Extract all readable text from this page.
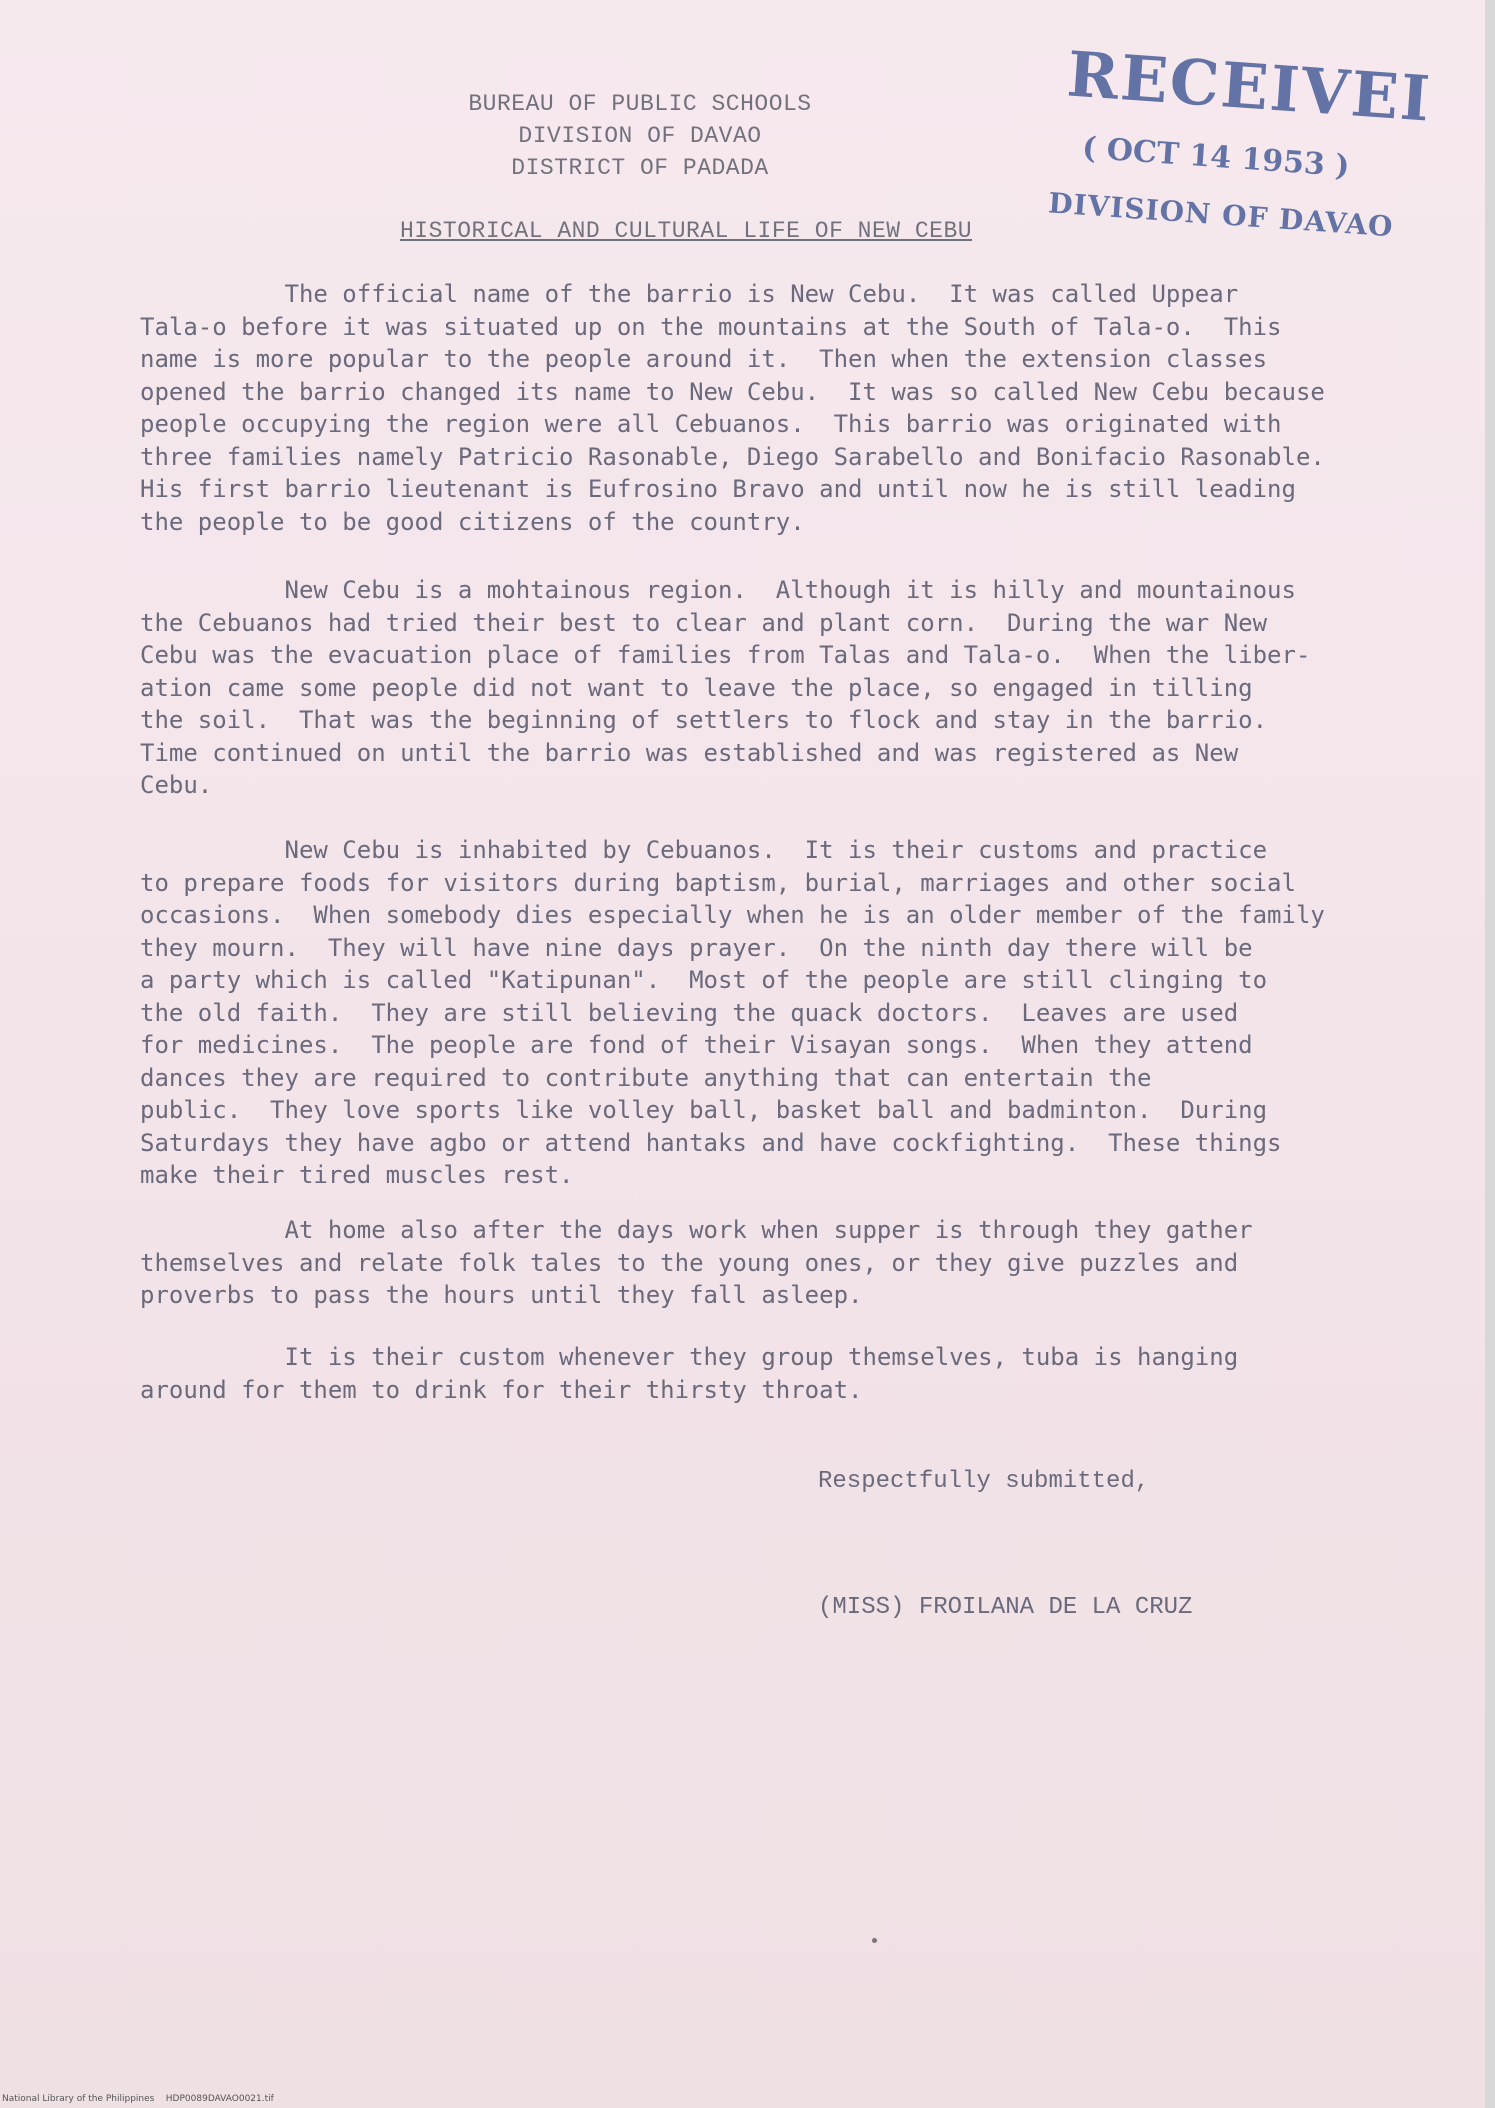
BUREAU OF PUBLIC SCHOOLS
DIVISION OF DAVAO
DISTRICT OF PADADA
RECEIVEI
( OCT 14 1953 )
DIVISION OF DAVAO
HISTORICAL AND CULTURAL LIFE OF NEW CEBU
The official name of the barrio is New Cebu.  It was called Uppear
Tala-o before it was situated up on the mountains at the South of Tala-o.  This
name is more popular to the people around it.  Then when the extension classes
opened the barrio changed its name to New Cebu.  It was so called New Cebu because
people occupying the region were all Cebuanos.  This barrio was originated with
three families namely Patricio Rasonable, Diego Sarabello and Bonifacio Rasonable.
His first barrio lieutenant is Eufrosino Bravo and until now he is still leading
the people to be good citizens of the country.
New Cebu is a mohtainous region.  Although it is hilly and mountainous
the Cebuanos had tried their best to clear and plant corn.  During the war New
Cebu was the evacuation place of families from Talas and Tala-o.  When the liber-
ation came some people did not want to leave the place, so engaged in tilling
the soil.  That was the beginning of settlers to flock and stay in the barrio.
Time continued on until the barrio was established and was registered as New
Cebu.
New Cebu is inhabited by Cebuanos.  It is their customs and practice
to prepare foods for visitors during baptism, burial, marriages and other social
occasions.  When somebody dies especially when he is an older member of the family
they mourn.  They will have nine days prayer.  On the ninth day there will be
a party which is called "Katipunan".  Most of the people are still clinging to
the old faith.  They are still believing the quack doctors.  Leaves are used
for medicines.  The people are fond of their Visayan songs.  When they attend
dances they are required to contribute anything that can entertain the
public.  They love sports like volley ball, basket ball and badminton.  During
Saturdays they have agbo or attend hantaks and have cockfighting.  These things
make their tired muscles rest.
At home also after the days work when supper is through they gather
themselves and relate folk tales to the young ones, or they give puzzles and
proverbs to pass the hours until they fall asleep.
It is their custom whenever they group themselves, tuba is hanging
around for them to drink for their thirsty throat.
Respectfully submitted,
(MISS) FROILANA DE LA CRUZ
National Library of the Philippines    HDP0089DAVAO0021.tif
